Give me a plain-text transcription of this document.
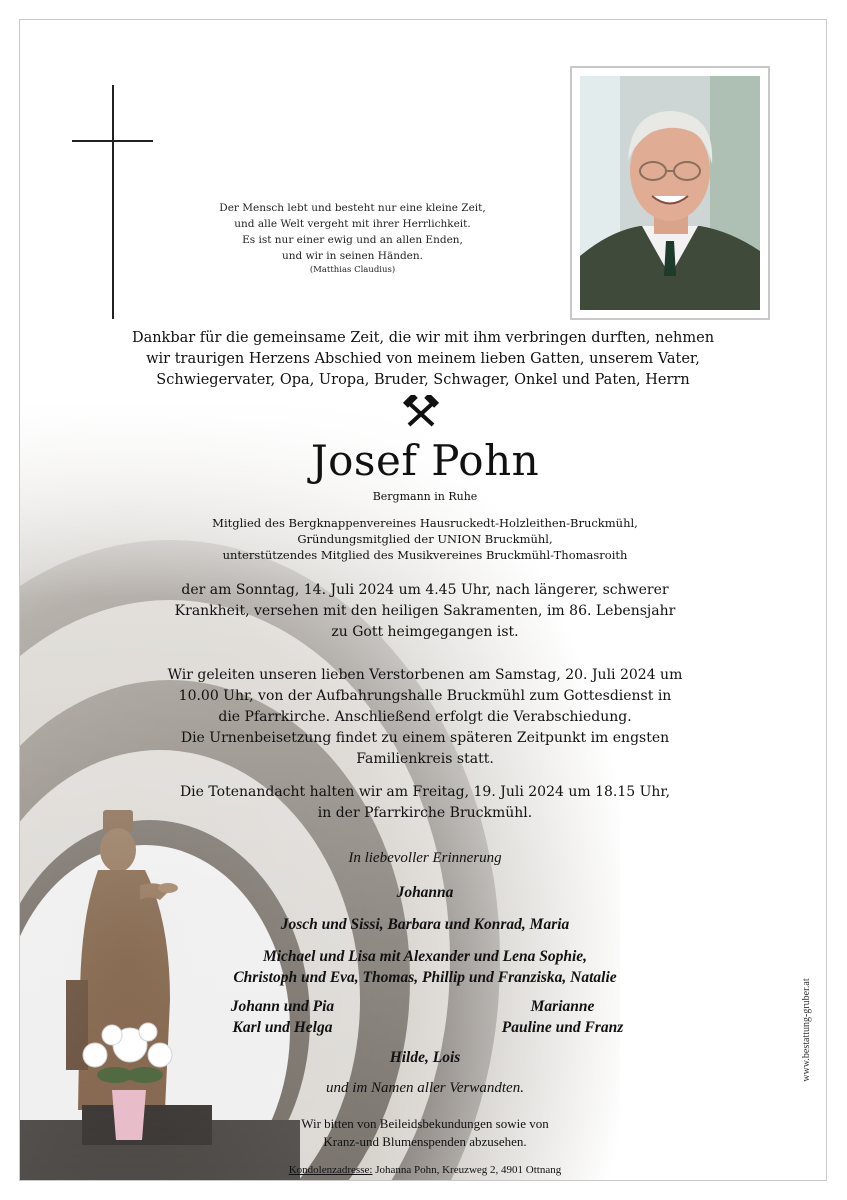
Der Mensch lebt und besteht nur eine kleine Zeit,
und alle Welt vergeht mit ihrer Herrlichkeit.
Es ist nur einer ewig und an allen Enden,
und wir in seinen Händen.
(Matthias Claudius)
Dankbar für die gemeinsame Zeit, die wir mit ihm verbringen durften, nehmen
wir traurigen Herzens Abschied von meinem lieben Gatten, unserem Vater,
Schwiegervater, Opa, Uropa, Bruder, Schwager, Onkel und Paten, Herrn
Josef Pohn
Bergmann in Ruhe
Mitglied des Bergknappenvereines Hausruckedt-Holzleithen-Bruckmühl,
Gründungsmitglied der UNION Bruckmühl,
unterstützendes Mitglied des Musikvereines Bruckmühl-Thomasroith
der am Sonntag, 14. Juli 2024 um 4.45 Uhr, nach längerer, schwerer
Krankheit, versehen mit den heiligen Sakramenten, im 86. Lebensjahr
zu Gott heimgegangen ist.
Wir geleiten unseren lieben Verstorbenen am Samstag, 20. Juli 2024 um
10.00 Uhr, von der Aufbahrungshalle Bruckmühl zum Gottesdienst in
die Pfarrkirche. Anschließend erfolgt die Verabschiedung.
Die Urnenbeisetzung findet zu einem späteren Zeitpunkt im engsten
Familienkreis statt.
Die Totenandacht halten wir am Freitag, 19. Juli 2024 um 18.15 Uhr,
in der Pfarrkirche Bruckmühl.
In liebevoller Erinnerung
Johanna
Josch und Sissi, Barbara und Konrad, Maria
Michael und Lisa mit Alexander und Lena Sophie,
Christoph und Eva, Thomas, Phillip und Franziska, Natalie
Johann und Pia
Karl und Helga
Marianne
Pauline und Franz
Hilde, Lois
und im Namen aller Verwandten.
Wir bitten von Beileidsbekundungen sowie von
Kranz-und Blumenspenden abzusehen.
Kondolenzadresse: Johanna Pohn, Kreuzweg 2, 4901 Ottnang
www.bestattung-gruber.at
